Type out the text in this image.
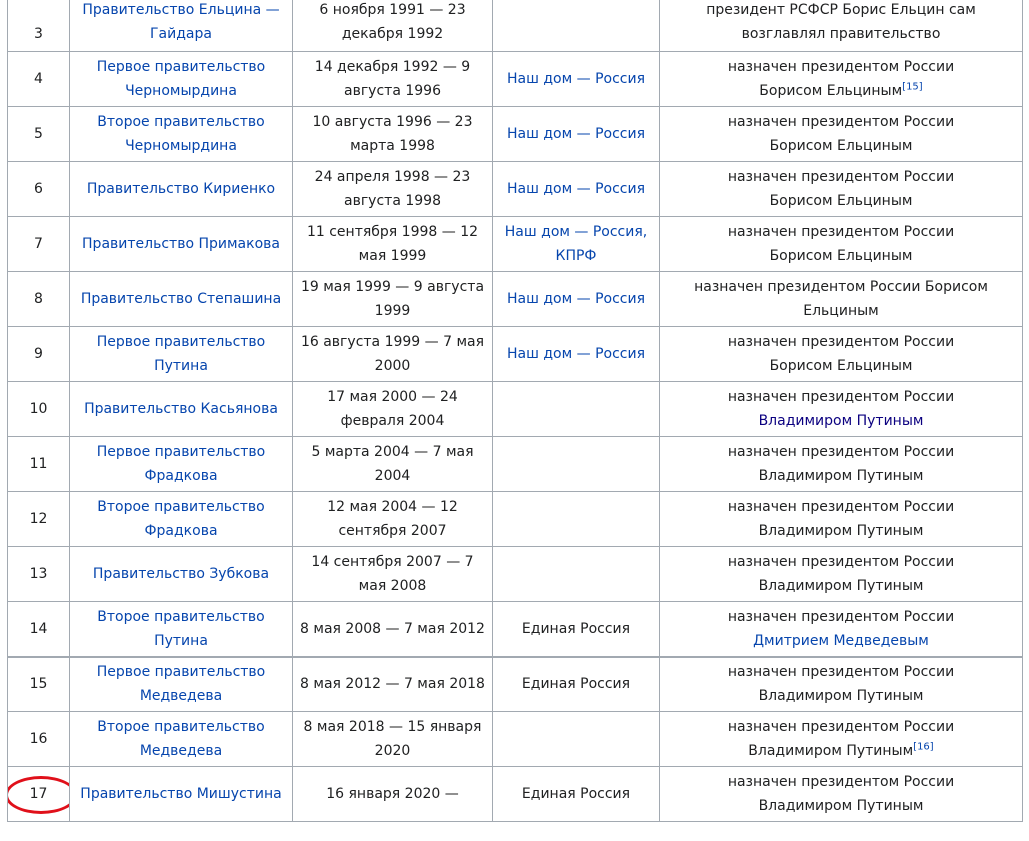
3	Правительство Ельцина — Гайдара	6 ноября 1991 — 23 декабря 1992		президент РСФСР Борис Ельцин сам возглавлял правительство
4	Первое правительство Черномырдина	14 декабря 1992 — 9 августа 1996	Наш дом — Россия	назначен президентом России
Борисом Ельциным[15]
5	Второе правительство Черномырдина	10 августа 1996 — 23 марта 1998	Наш дом — Россия	назначен президентом России
Борисом Ельциным
6	Правительство Кириенко	24 апреля 1998 — 23 августа 1998	Наш дом — Россия	назначен президентом России
Борисом Ельциным
7	Правительство Примакова	11 сентября 1998 — 12 мая 1999	Наш дом — Россия,
КПРФ	назначен президентом России
Борисом Ельциным
8	Правительство Степашина	19 мая 1999 — 9 августа 1999	Наш дом — Россия	назначен президентом России Борисом Ельциным
9	Первое правительство Путина	16 августа 1999 — 7 мая 2000	Наш дом — Россия	назначен президентом России
Борисом Ельциным
10	Правительство Касьянова	17 мая 2000 — 24 февраля 2004		назначен президентом России
Владимиром Путиным
11	Первое правительство Фрадкова	5 марта 2004 — 7 мая 2004		назначен президентом России
Владимиром Путиным
12	Второе правительство Фрадкова	12 мая 2004 — 12 сентября 2007		назначен президентом России
Владимиром Путиным
13	Правительство Зубкова	14 сентября 2007 — 7 мая 2008		назначен президентом России
Владимиром Путиным
14	Второе правительство Путина	8 мая 2008 — 7 мая 2012	Единая Россия	назначен президентом России
Дмитрием Медведевым
15	Первое правительство Медведева	8 мая 2012 — 7 мая 2018	Единая Россия	назначен президентом России
Владимиром Путиным
16	Второе правительство Медведева	8 мая 2018 — 15 января 2020		назначен президентом России
Владимиром Путиным[16]
17	Правительство Мишустина	16 января 2020 —	Единая Россия	назначен президентом России
Владимиром Путиным
